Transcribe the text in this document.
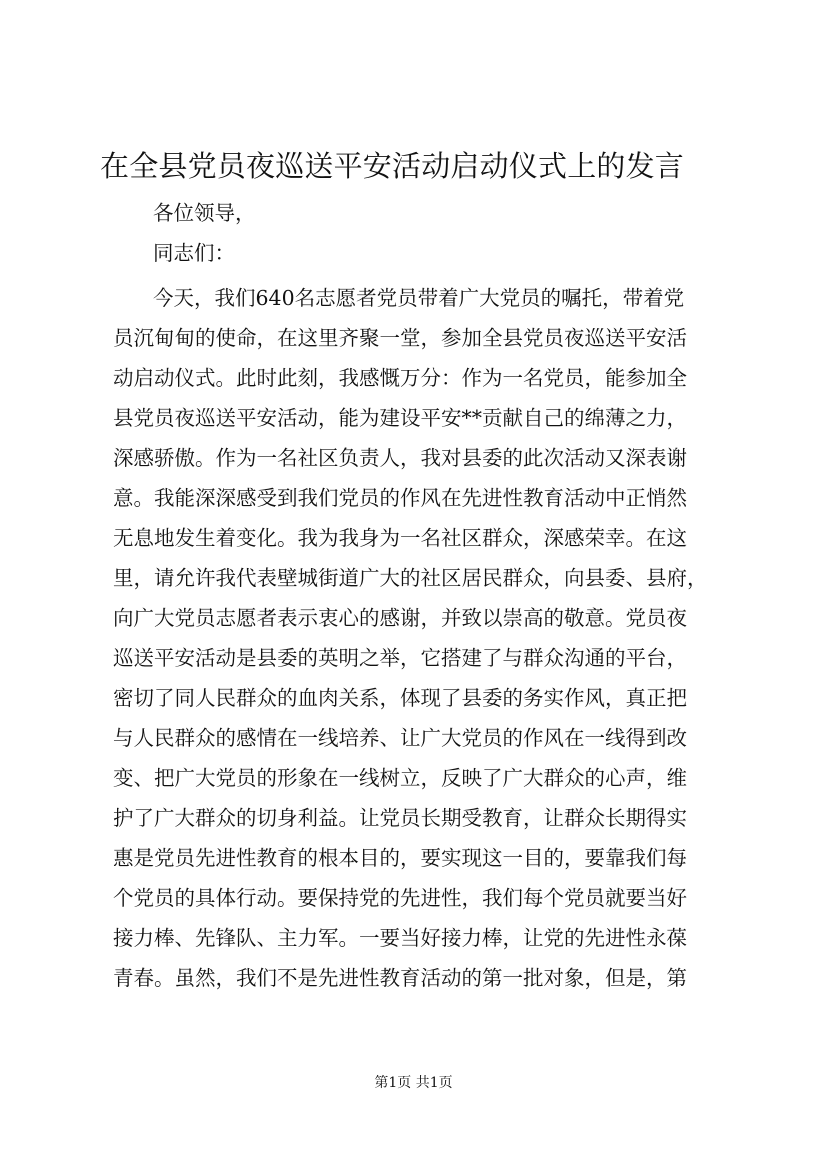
在全县党员夜巡送平安活动启动仪式上的发言
各位领导，
同志们：
今天，我们640名志愿者党员带着广大党员的嘱托，带着党
员沉甸甸的使命，在这里齐聚一堂，参加全县党员夜巡送平安活
动启动仪式。此时此刻，我感慨万分：作为一名党员，能参加全
县党员夜巡送平安活动，能为建设平安**贡献自己的绵薄之力，
深感骄傲。作为一名社区负责人，我对县委的此次活动又深表谢
意。我能深深感受到我们党员的作风在先进性教育活动中正悄然
无息地发生着变化。我为我身为一名社区群众，深感荣幸。在这
里，请允许我代表壁城街道广大的社区居民群众，向县委、县府，
向广大党员志愿者表示衷心的感谢，并致以崇高的敬意。党员夜
巡送平安活动是县委的英明之举，它搭建了与群众沟通的平台，
密切了同人民群众的血肉关系，体现了县委的务实作风，真正把
与人民群众的感情在一线培养、让广大党员的作风在一线得到改
变、把广大党员的形象在一线树立，反映了广大群众的心声，维
护了广大群众的切身利益。让党员长期受教育，让群众长期得实
惠是党员先进性教育的根本目的，要实现这一目的，要靠我们每
个党员的具体行动。要保持党的先进性，我们每个党员就要当好
接力棒、先锋队、主力军。一要当好接力棒，让党的先进性永葆
青春。虽然，我们不是先进性教育活动的第一批对象，但是，第
第1页 共1页
